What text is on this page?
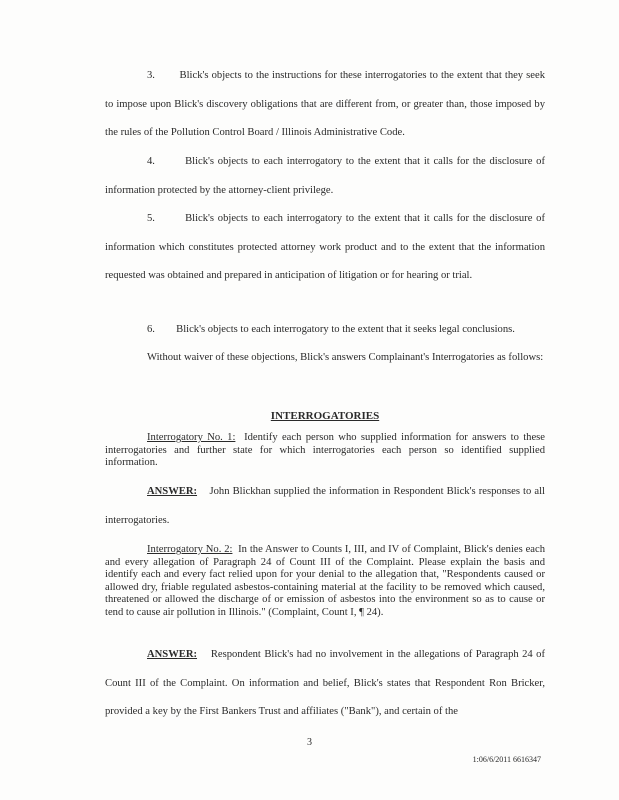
3. Blick's objects to the instructions for these interrogatories to the extent that they seek to impose upon Blick's discovery obligations that are different from, or greater than, those imposed by the rules of the Pollution Control Board / Illinois Administrative Code.

4.	Blick's objects to each interrogatory to the extent that it calls for the disclosure of information protected by the attorney-client privilege.

5.	Blick's objects to each interrogatory to the extent that it calls for the disclosure of information which constitutes protected attorney work product and to the extent that the information requested was obtained and prepared in anticipation of litigation or for hearing or trial.

6. Blick's objects to each interrogatory to the extent that it seeks legal conclusions.

Without waiver of these objections, Blick's answers Complainant's Interrogatories as follows:

INTERROGATORIES

Interrogatory No. 1: Identify each person who supplied information for answers to these interrogatories and further state for which interrogatories each person so identified supplied information.

ANSWER: John Blickhan supplied the information in Respondent Blick's responses to all interrogatories.

Interrogatory No. 2: In the Answer to Counts I, III, and IV of Complaint, Blick's denies each and every allegation of Paragraph 24 of Count III of the Complaint. Please explain the basis and identify each and every fact relied upon for your denial to the allegation that, "Respondents caused or allowed dry, friable regulated asbestos-containing material at the facility to be removed which caused, threatened or allowed the discharge of or emission of asbestos into the environment so as to cause or tend to cause air pollution in Illinois." (Complaint, Count I, ¶ 24).

ANSWER: Respondent Blick's had no involvement in the allegations of Paragraph 24 of Count III of the Complaint. On information and belief, Blick's states that Respondent Ron Bricker, provided a key by the First Bankers Trust and affiliates ("Bank"), and certain of the

3

1:06/6/2011 6616347
